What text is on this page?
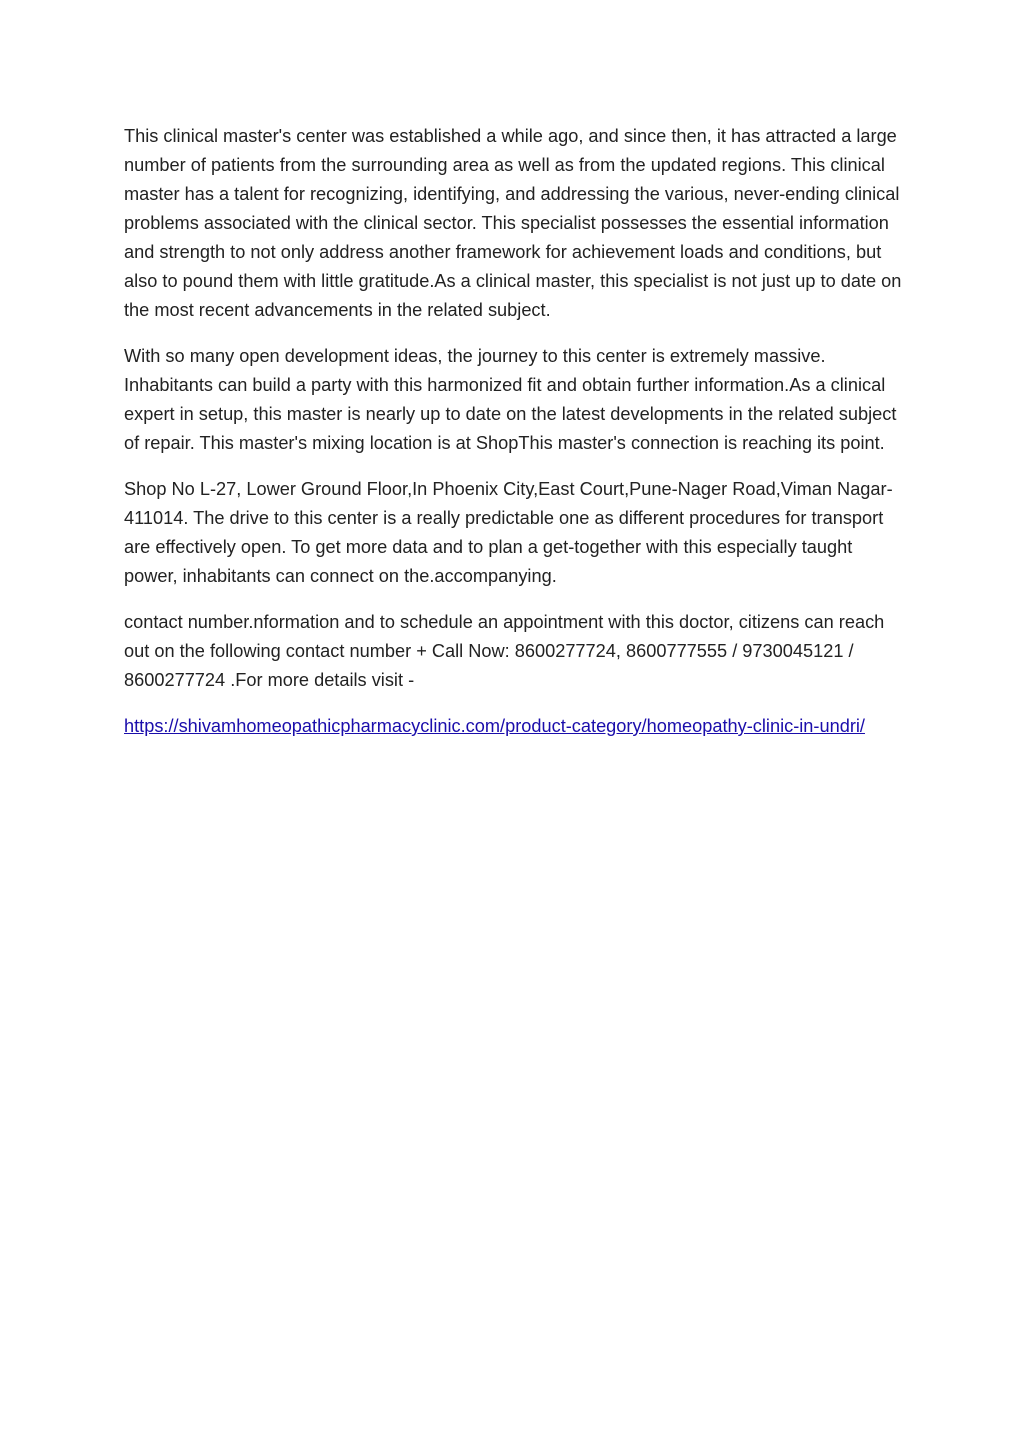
This clinical master's center was established a while ago, and since then, it has attracted a large number of patients from the surrounding area as well as from the updated regions. This clinical master has a talent for recognizing, identifying, and addressing the various, never-ending clinical problems associated with the clinical sector. This specialist possesses the essential information and strength to not only address another framework for achievement loads and conditions, but also to pound them with little gratitude.As a clinical master, this specialist is not just up to date on the most recent advancements in the related subject.

With so many open development ideas, the journey to this center is extremely massive. Inhabitants can build a party with this harmonized fit and obtain further information.As a clinical expert in setup, this master is nearly up to date on the latest developments in the related subject of repair. This master's mixing location is at ShopThis master's connection is reaching its point.

Shop No L-27, Lower Ground Floor,In Phoenix City,East Court,Pune-Nager Road,Viman Nagar-411014. The drive to this center is a really predictable one as different procedures for transport are effectively open. To get more data and to plan a get-together with this especially taught power, inhabitants can connect on the.accompanying.

contact number.nformation and to schedule an appointment with this doctor, citizens can reach out on the following contact number + Call Now: 8600277724, 8600777555 / 9730045121 / 8600277724 .For more details visit -

https://shivamhomeopathicpharmacyclinic.com/product-category/homeopathy-clinic-in-undri/
